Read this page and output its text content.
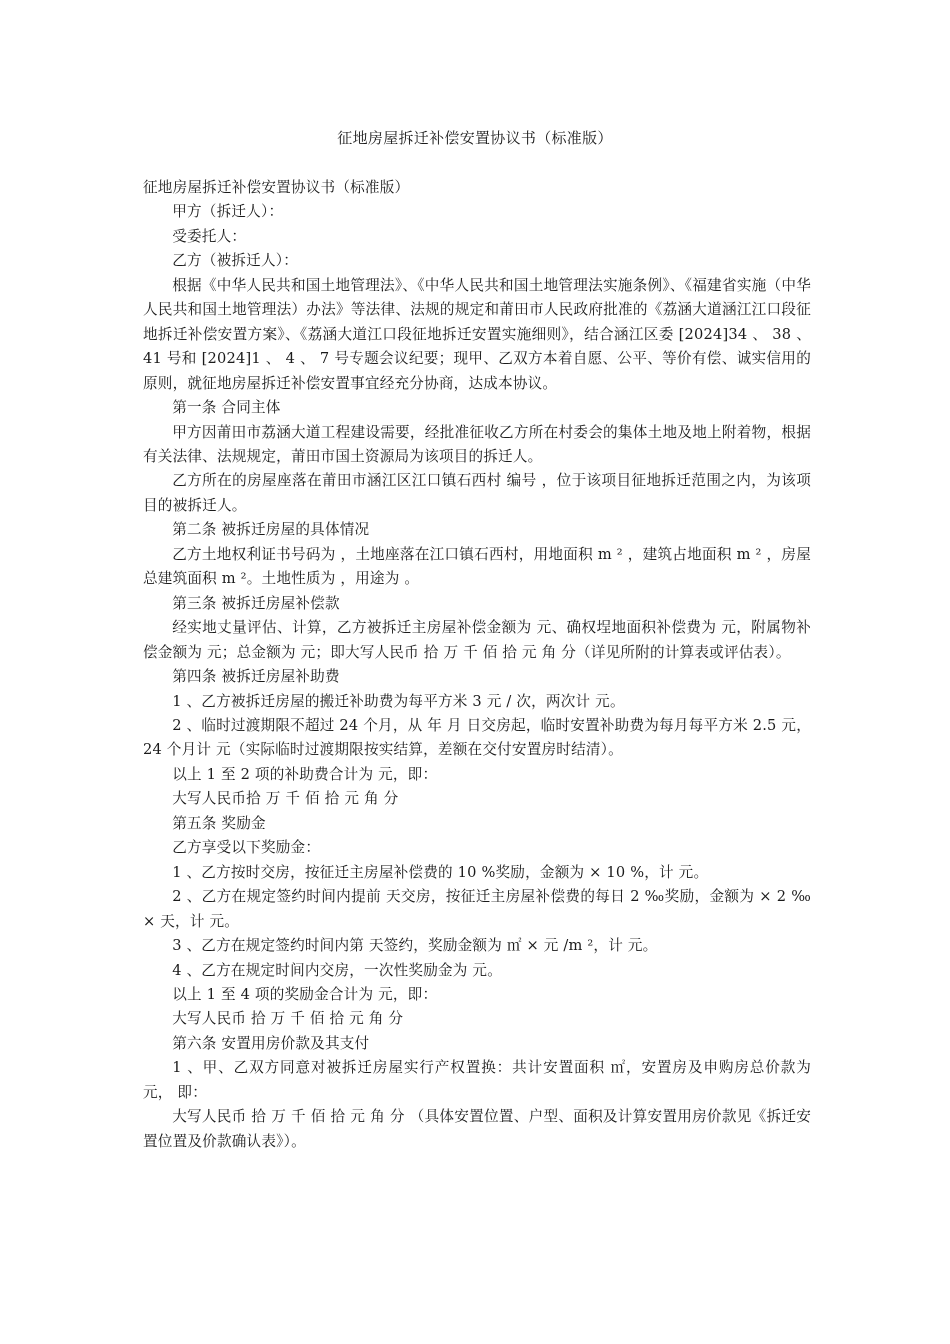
征地房屋拆迁补偿安置协议书（标准版）

征地房屋拆迁补偿安置协议书（标准版）

甲方（拆迁人）：

受委托人：

乙方（被拆迁人）：

根据《中华人民共和国土地管理法》、《中华人民共和国土地管理法实施条例》、《福建省实施（中华人民共和国土地管理法）办法》等法律、法规的规定和莆田市人民政府批准的《荔涵大道涵江江口段征地拆迁补偿安置方案》、《荔涵大道江口段征地拆迁安置实施细则》，结合涵江区委 [2024]34 、 38 、 41 号和 [2024]1 、 4 、 7 号专题会议纪要；现甲、乙双方本着自愿、公平、等价有偿、诚实信用的原则，就征地房屋拆迁补偿安置事宜经充分协商，达成本协议。

第一条 合同主体

甲方因莆田市荔涵大道工程建设需要，经批准征收乙方所在村委会的集体土地及地上附着物，根据有关法律、法规规定，莆田市国土资源局为该项目的拆迁人。

乙方所在的房屋座落在莆田市涵江区江口镇石西村 编号 ，位于该项目征地拆迁范围之内，为该项目的被拆迁人。

第二条 被拆迁房屋的具体情况

乙方土地权利证书号码为 ，土地座落在江口镇石西村，用地面积 m ² ，建筑占地面积 m ² ，房屋总建筑面积 m ²。土地性质为 ，用途为 。

第三条 被拆迁房屋补偿款

经实地丈量评估、计算，乙方被拆迁主房屋补偿金额为 元、确权埕地面积补偿费为 元，附属物补偿金额为 元；总金额为 元；即大写人民币 拾 万 千 佰 拾 元 角 分（详见所附的计算表或评估表）。

第四条 被拆迁房屋补助费

1 、乙方被拆迁房屋的搬迁补助费为每平方米 3 元 / 次，两次计 元。

2 、临时过渡期限不超过 24 个月，从 年 月 日交房起，临时安置补助费为每月每平方米 2.5 元， 24 个月计 元（实际临时过渡期限按实结算，差额在交付安置房时结清）。

以上 1 至 2 项的补助费合计为 元，即：

大写人民币拾 万 千 佰 拾 元 角 分

第五条 奖励金

乙方享受以下奖励金：

1 、乙方按时交房，按征迁主房屋补偿费的 10 %奖励，金额为 × 10 %，计 元。

2 、乙方在规定签约时间内提前 天交房，按征迁主房屋补偿费的每日 2 ‰奖励，金额为 × 2 ‰× 天，计 元。

3 、乙方在规定签约时间内第 天签约，奖励金额为 ㎡ × 元 /m ²，计 元。

4 、乙方在规定时间内交房，一次性奖励金为 元。

以上 1 至 4 项的奖励金合计为 元，即：

大写人民币 拾 万 千 佰 拾 元 角 分

第六条 安置用房价款及其支付

1 、甲、乙双方同意对被拆迁房屋实行产权置换：共计安置面积 ㎡，安置房及申购房总价款为 元， 即：

大写人民币 拾 万 千 佰 拾 元 角 分 （具体安置位置、户型、面积及计算安置用房价款见《拆迁安置位置及价款确认表》）。
